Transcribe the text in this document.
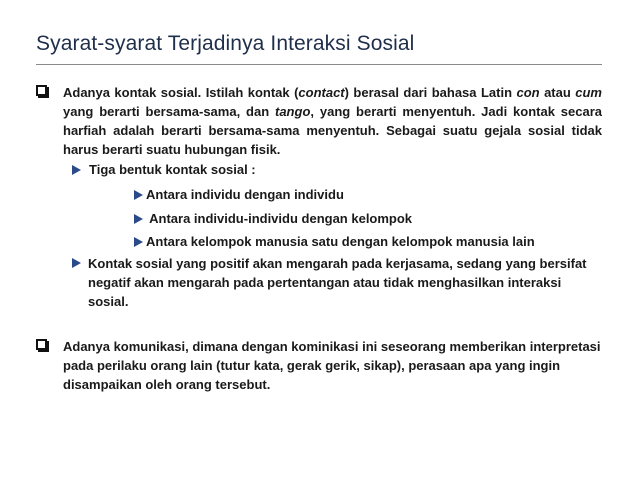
Syarat-syarat Terjadinya Interaksi Sosial
Adanya kontak sosial. Istilah kontak (contact) berasal dari bahasa Latin con atau cum yang berarti bersama-sama, dan tango, yang berarti menyentuh. Jadi kontak secara harfiah adalah berarti bersama-sama menyentuh. Sebagai suatu gejala sosial tidak harus berarti suatu hubungan fisik.
Tiga bentuk kontak sosial :
Antara individu dengan individu
Antara individu-individu dengan kelompok
Antara kelompok manusia satu dengan kelompok manusia lain
Kontak sosial yang positif akan mengarah pada kerjasama, sedang yang bersifat negatif akan mengarah pada pertentangan atau tidak menghasilkan interaksi sosial.
Adanya komunikasi, dimana dengan kominikasi ini seseorang memberikan interpretasi pada perilaku orang lain (tutur kata, gerak gerik, sikap), perasaan apa yang ingin disampaikan oleh orang tersebut.
